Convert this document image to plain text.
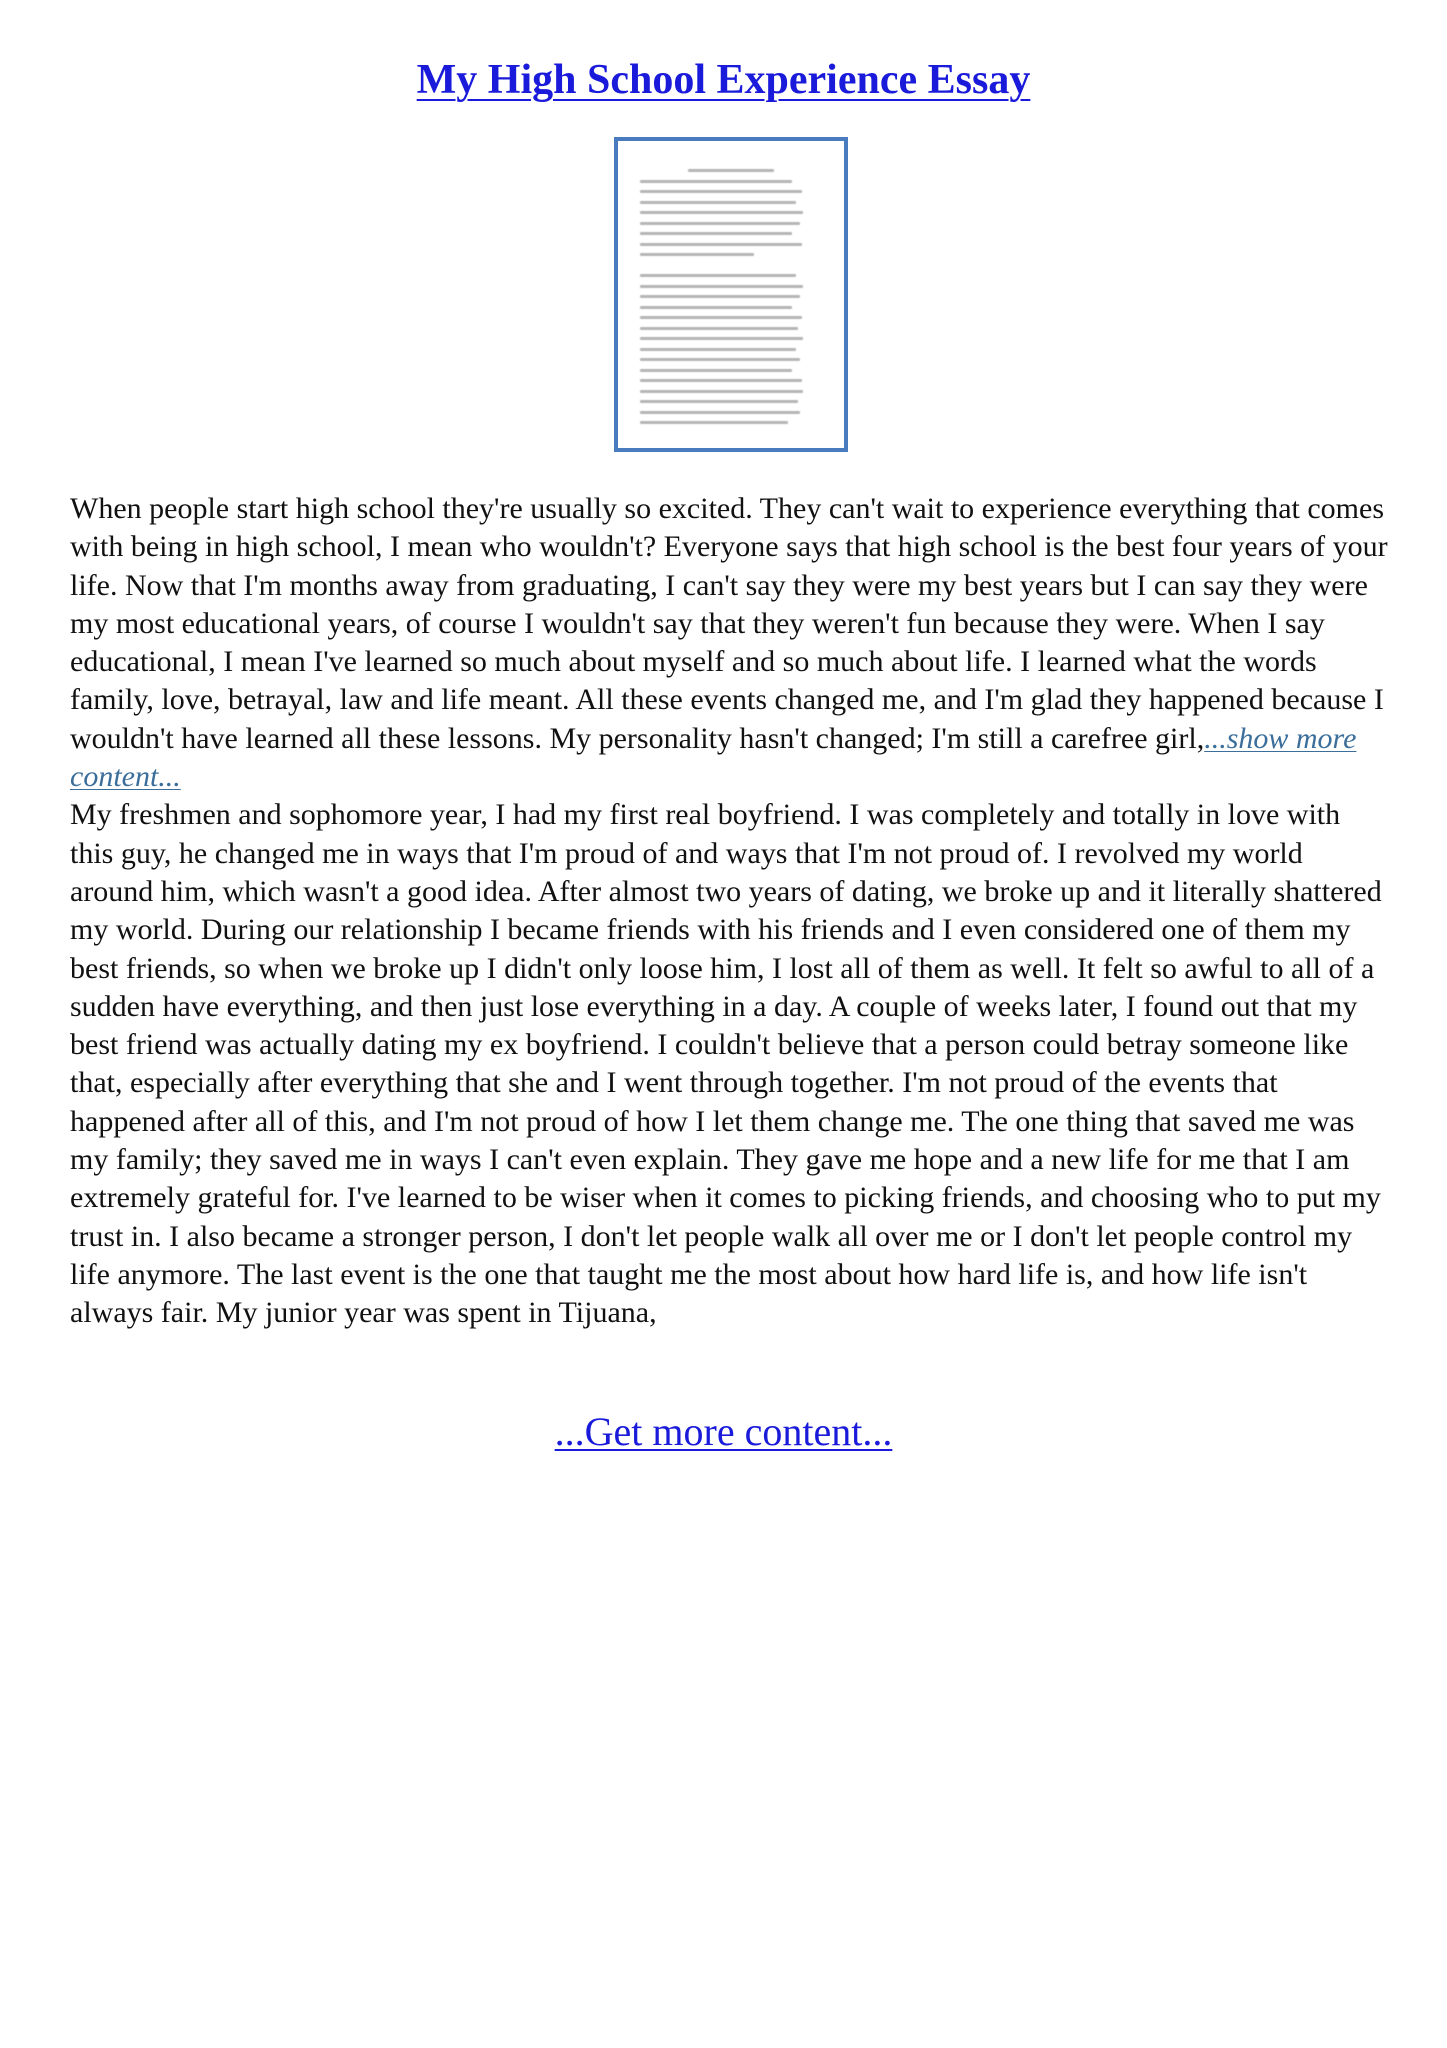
My High School Experience Essay

When people start high school they're usually so excited. They can't wait to experience everything that comes with being in high school, I mean who wouldn't? Everyone says that high school is the best four years of your life. Now that I'm months away from graduating, I can't say they were my best years but I can say they were my most educational years, of course I wouldn't say that they weren't fun because they were. When I say educational, I mean I've learned so much about myself and so much about life. I learned what the words family, love, betrayal, law and life meant. All these events changed me, and I'm glad they happened because I wouldn't have learned all these lessons. My personality hasn't changed; I'm still a carefree girl,...show more content...

My freshmen and sophomore year, I had my first real boyfriend. I was completely and totally in love with this guy, he changed me in ways that I'm proud of and ways that I'm not proud of. I revolved my world around him, which wasn't a good idea. After almost two years of dating, we broke up and it literally shattered my world. During our relationship I became friends with his friends and I even considered one of them my best friends, so when we broke up I didn't only loose him, I lost all of them as well. It felt so awful to all of a sudden have everything, and then just lose everything in a day. A couple of weeks later, I found out that my best friend was actually dating my ex boyfriend. I couldn't believe that a person could betray someone like that, especially after everything that she and I went through together. I'm not proud of the events that happened after all of this, and I'm not proud of how I let them change me. The one thing that saved me was my family; they saved me in ways I can't even explain. They gave me hope and a new life for me that I am extremely grateful for. I've learned to be wiser when it comes to picking friends, and choosing who to put my trust in. I also became a stronger person, I don't let people walk all over me or I don't let people control my life anymore. The last event is the one that taught me the most about how hard life is, and how life isn't always fair. My junior year was spent in Tijuana,

...Get more content...
